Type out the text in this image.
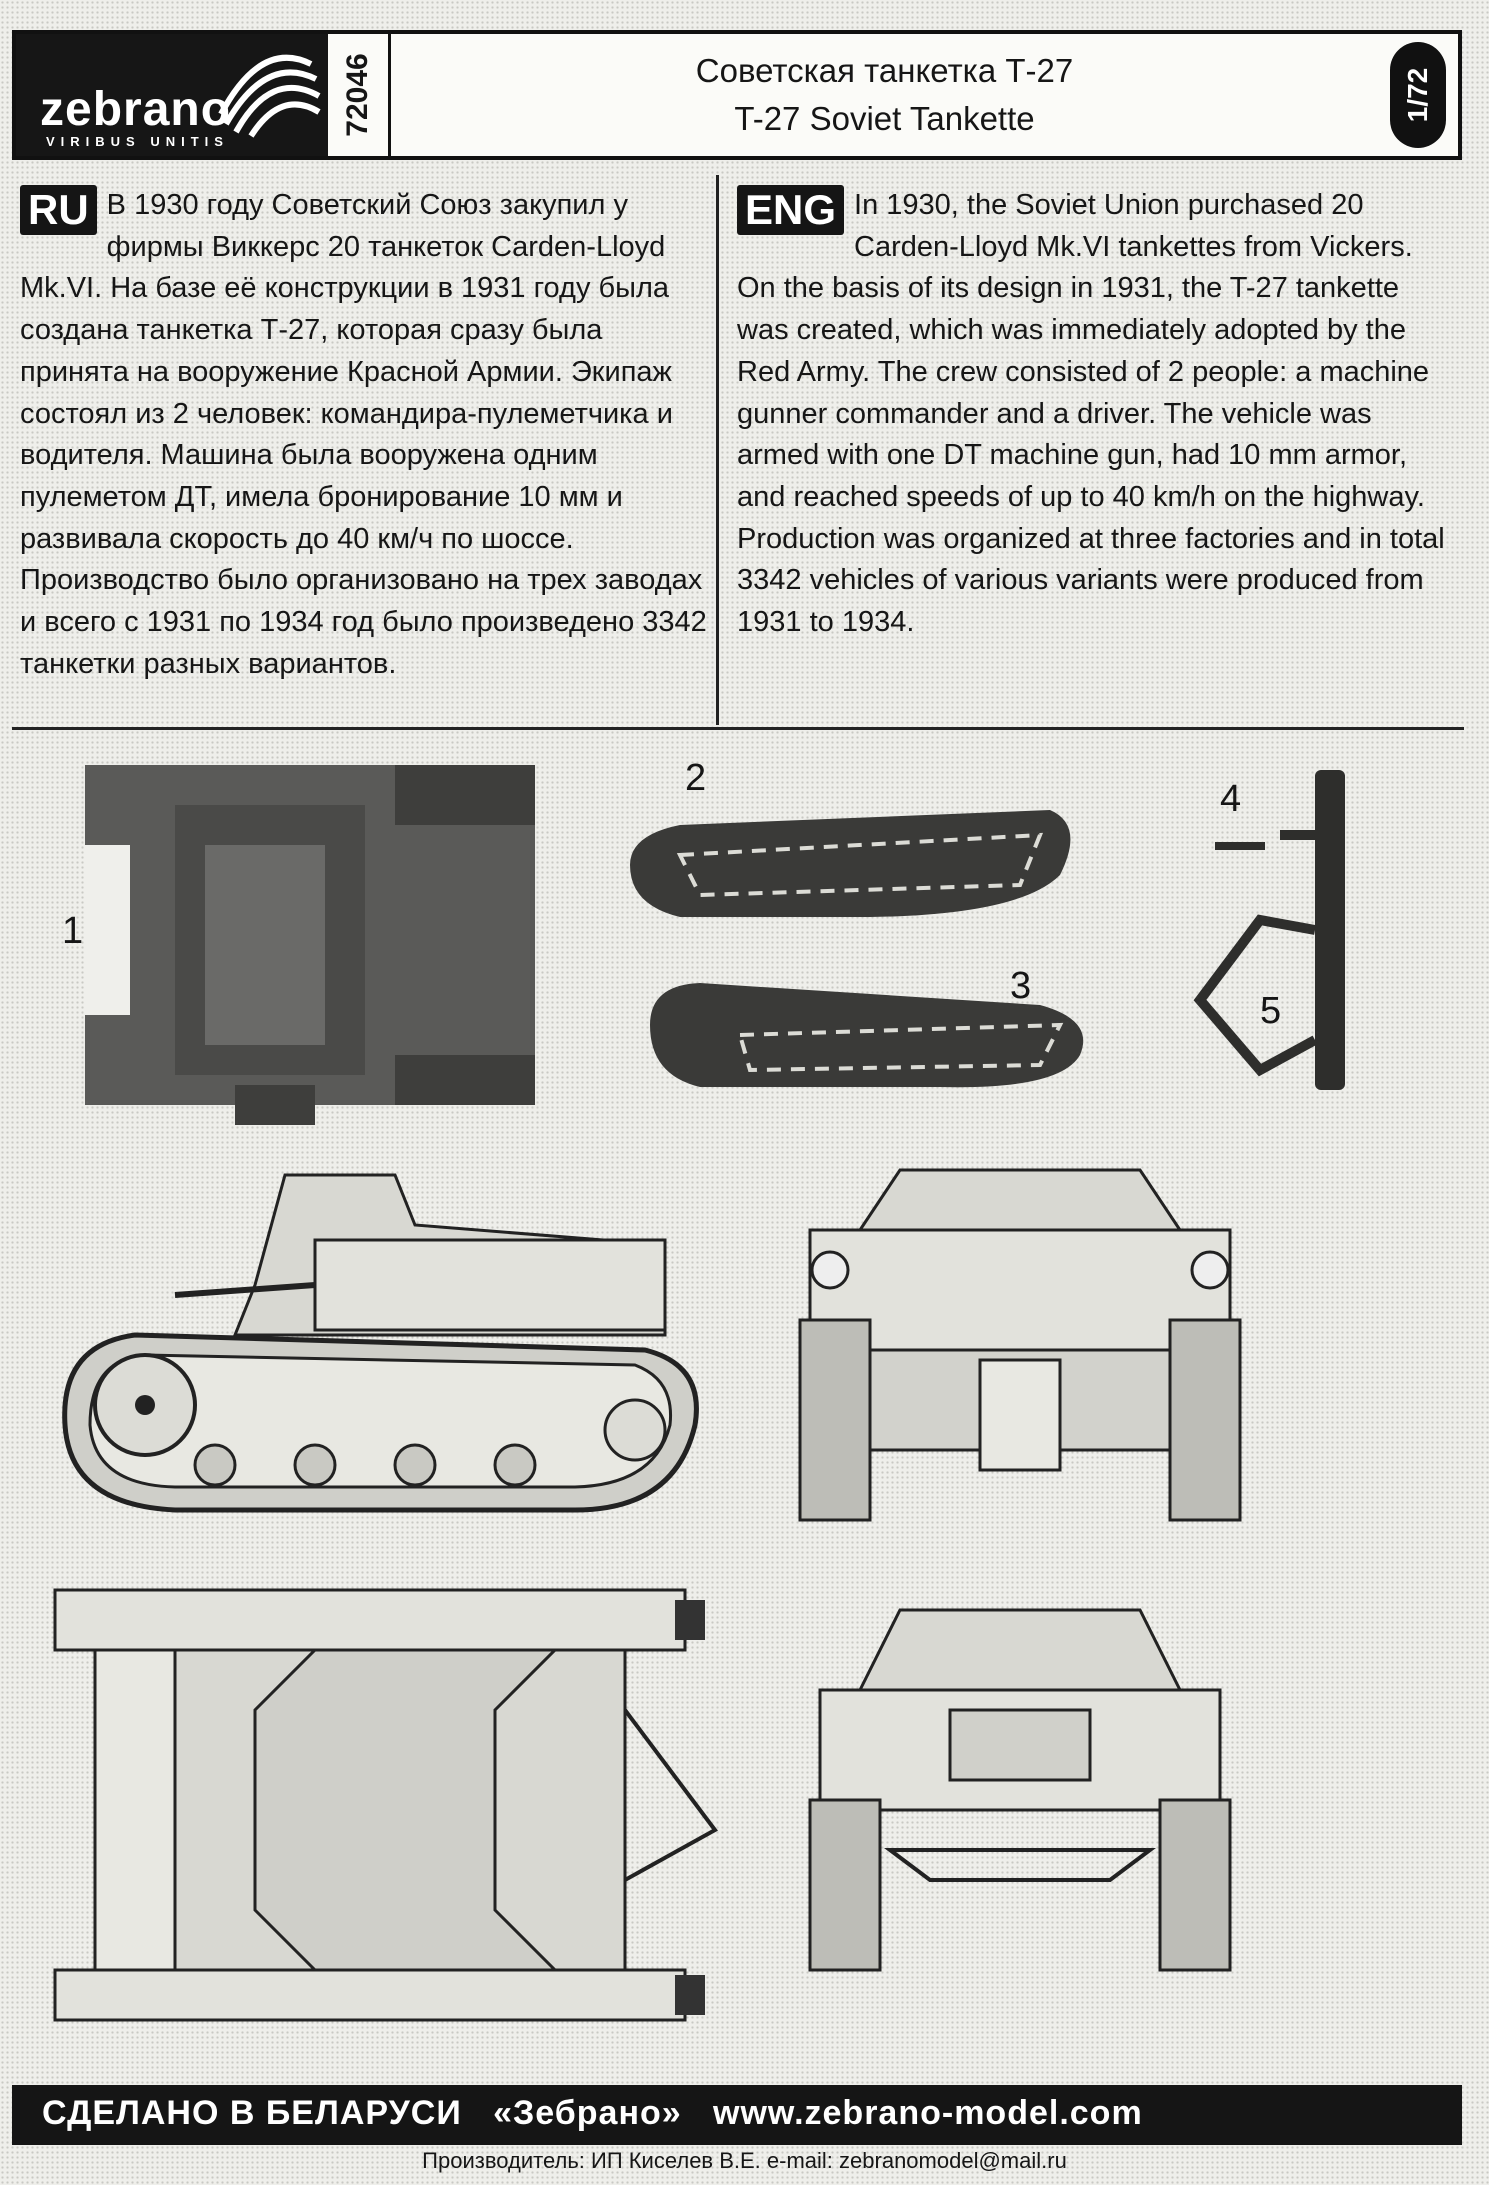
zebrano
VIRIBUS UNITIS
72046	Советская танкетка Т-27
T-27 Soviet Tankette	1/72
RU В 1930 году Советский Союз закупил у фирмы Виккерс 20 танкеток Carden-Lloyd Mk.VI. На базе её конструкции в 1931 году была создана танкетка Т-27, которая сразу была принята на вооружение Красной Армии. Экипаж состоял из 2 человек: командира-пулеметчика и водителя. Машина была вооружена одним пулеметом ДТ, имела бронирование 10 мм и развивала скорость до 40 км/ч по шоссе. Производство было организовано на трех заводах и всего с 1931 по 1934 год было произведено 3342 танкетки разных вариантов.
ENG In 1930, the Soviet Union purchased 20 Carden-Lloyd Mk.VI tankettes from Vickers. On the basis of its design in 1931, the T-27 tankette was created, which was immediately adopted by the Red Army. The crew consisted of 2 people: a machine gunner commander and a driver. The vehicle was armed with one DT machine gun, had 10 mm armor, and reached speeds of up to 40 km/h on the highway. Production was organized at three factories and in total 3342 vehicles of various variants were produced from 1931 to 1934.
1
2
3
4
5
СДЕЛАНО В БЕЛАРУСИ   «Зебрано»   www.zebrano-model.com
Производитель: ИП Киселев В.Е. e-mail: zebranomodel@mail.ru
